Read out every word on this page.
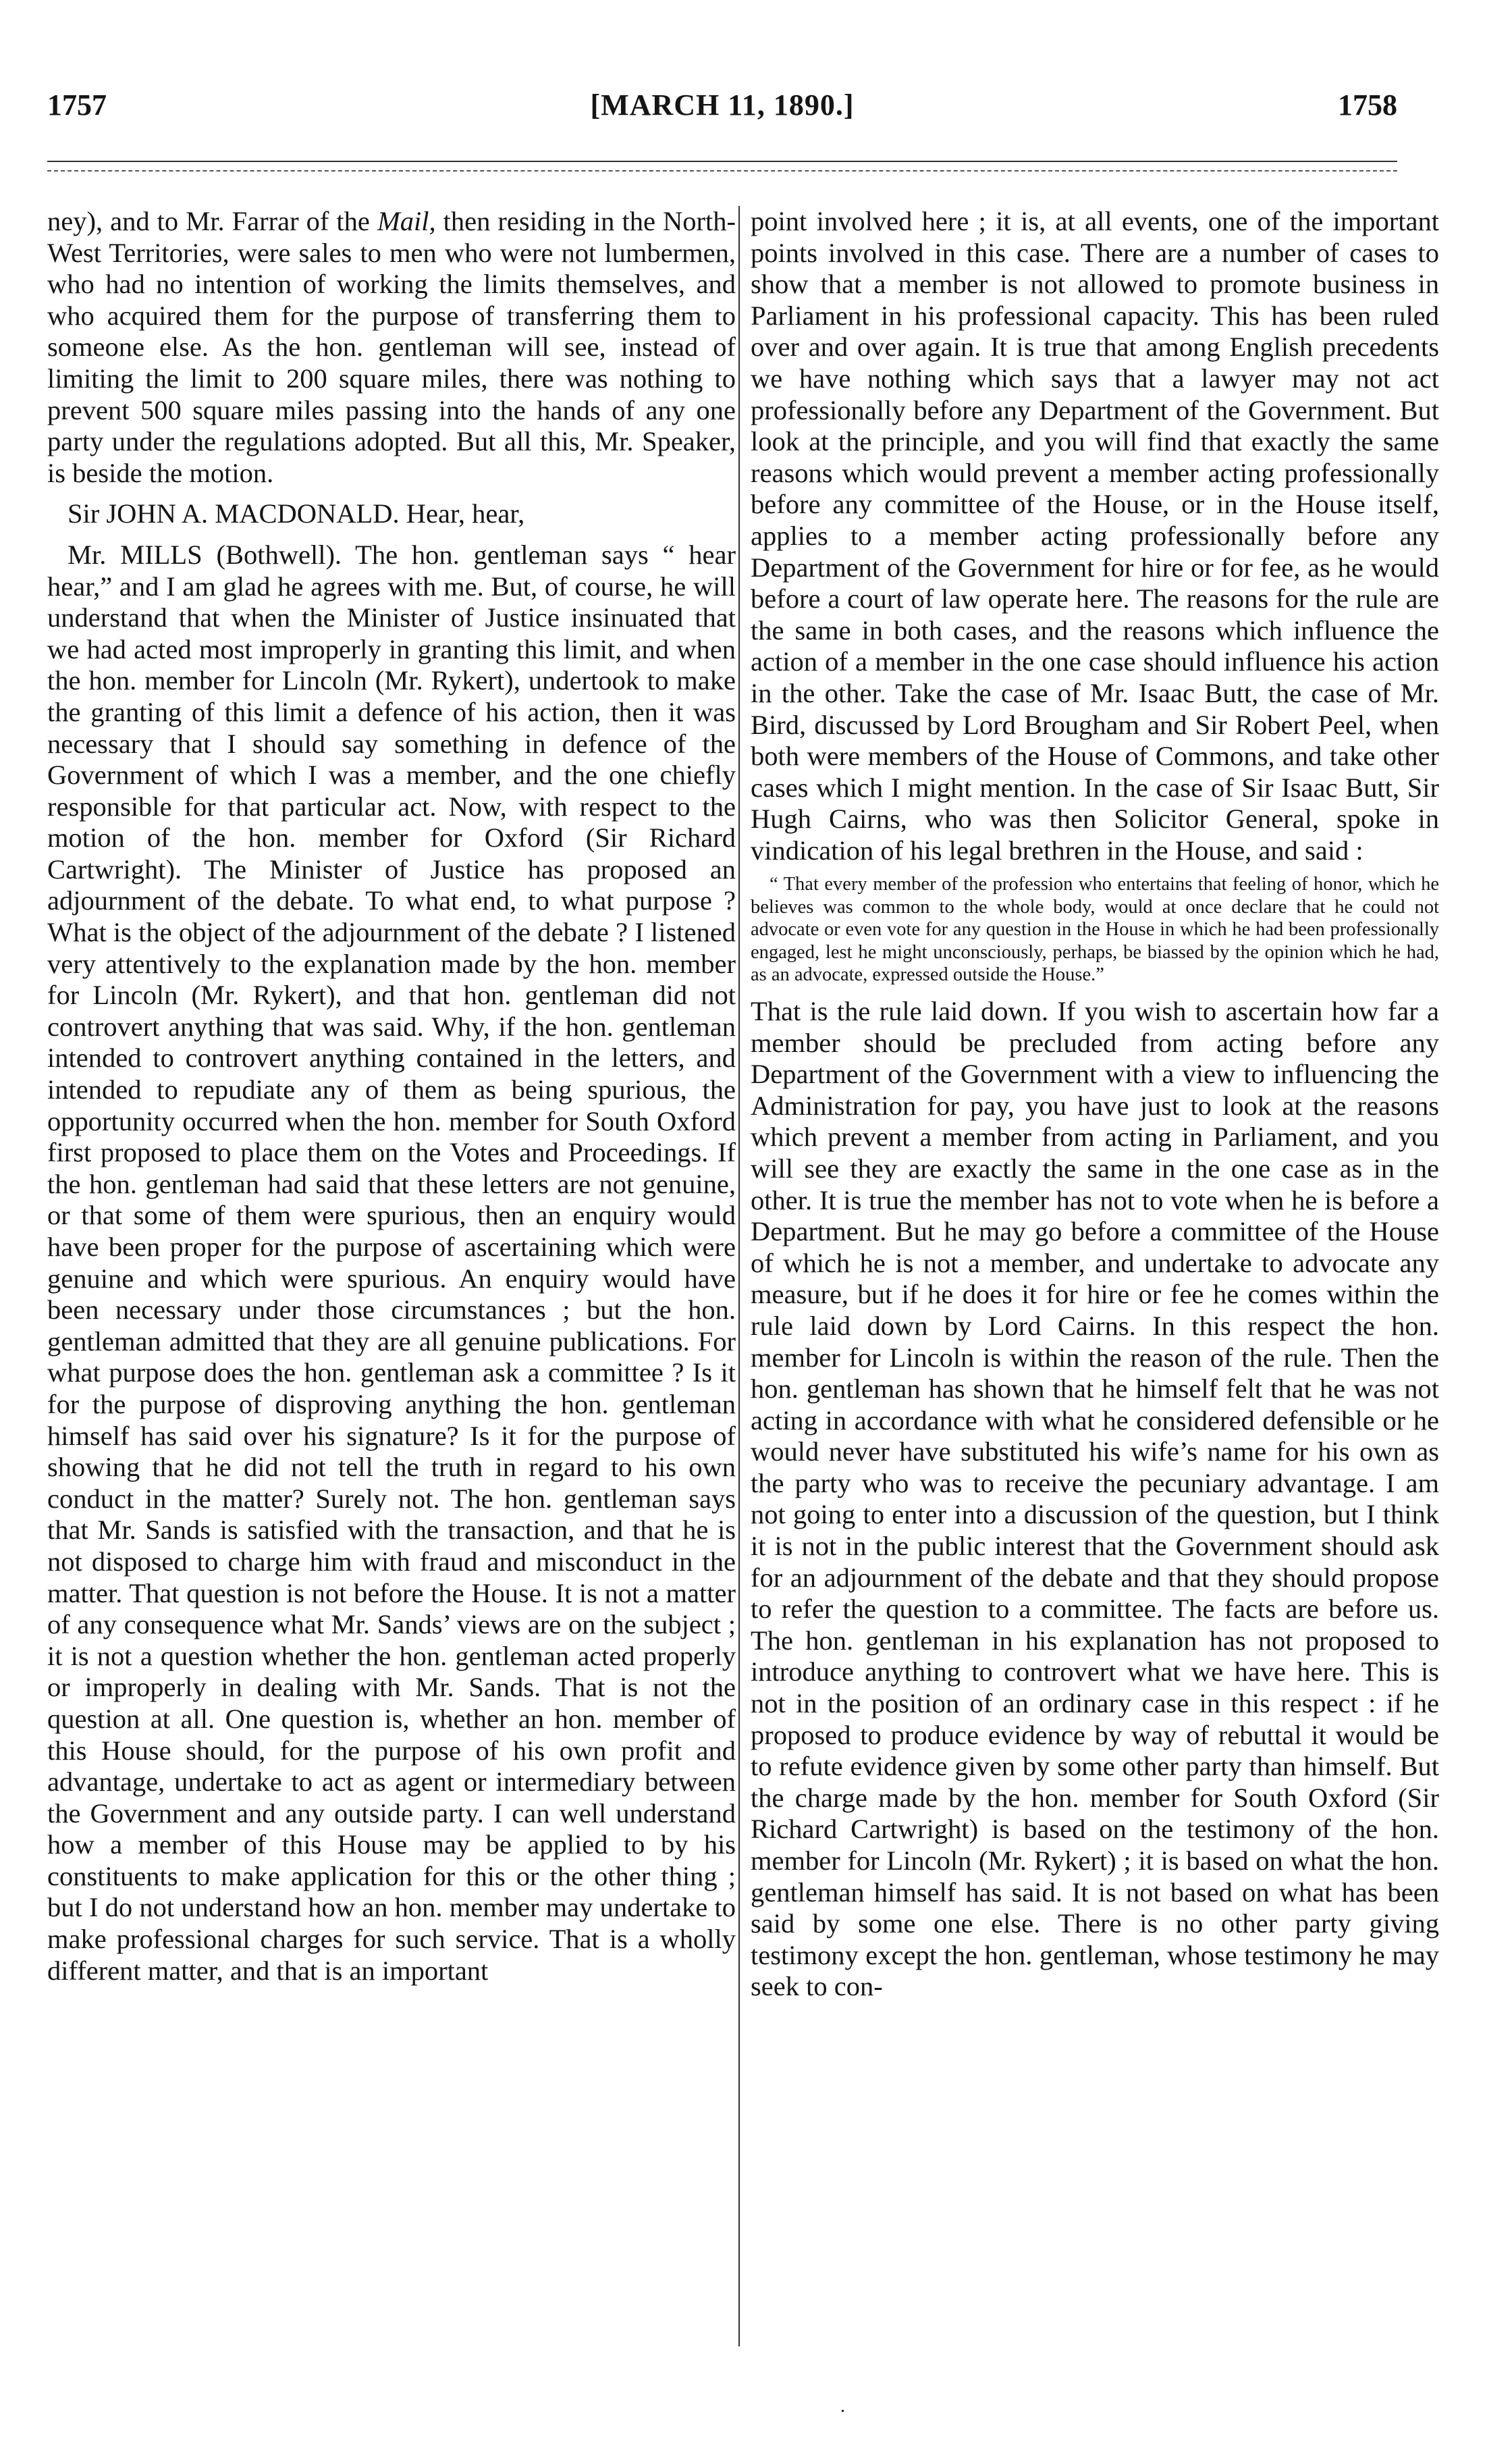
1757	[MARCH 11, 1890.]	1758

ney), and to Mr. Farrar of the Mail, then residing in the North-West Territories, were sales to men who were not lumbermen, who had no intention of working the limits themselves, and who acquired them for the purpose of transferring them to someone else. As the hon. gentleman will see, instead of limiting the limit to 200 square miles, there was nothing to prevent 500 square miles passing into the hands of any one party under the regulations adopted. But all this, Mr. Speaker, is beside the motion.

Sir JOHN A. MACDONALD. Hear, hear,

Mr. MILLS (Bothwell). The hon. gentleman says “ hear hear,” and I am glad he agrees with me. But, of course, he will understand that when the Minister of Justice insinuated that we had acted most improperly in granting this limit, and when the hon. member for Lincoln (Mr. Rykert), undertook to make the granting of this limit a defence of his action, then it was necessary that I should say something in defence of the Government of which I was a member, and the one chiefly responsible for that particular act. Now, with respect to the motion of the hon. member for Oxford (Sir Richard Cartwright). The Minister of Justice has proposed an adjournment of the debate. To what end, to what purpose ? What is the object of the adjournment of the debate ? I listened very attentively to the explanation made by the hon. member for Lincoln (Mr. Rykert), and that hon. gentleman did not controvert anything that was said. Why, if the hon. gentleman intended to controvert anything contained in the letters, and intended to repudiate any of them as being spurious, the opportunity occurred when the hon. member for South Oxford first proposed to place them on the Votes and Proceedings. If the hon. gentleman had said that these letters are not genuine, or that some of them were spurious, then an enquiry would have been proper for the purpose of ascertaining which were genuine and which were spurious. An enquiry would have been necessary under those circumstances ; but the hon. gentleman admitted that they are all genuine publications. For what purpose does the hon. gentleman ask a committee ? Is it for the purpose of disproving anything the hon. gentleman himself has said over his signature? Is it for the purpose of showing that he did not tell the truth in regard to his own conduct in the matter? Surely not. The hon. gentleman says that Mr. Sands is satisfied with the transaction, and that he is not disposed to charge him with fraud and misconduct in the matter. That question is not before the House. It is not a matter of any consequence what Mr. Sands’ views are on the subject ; it is not a question whether the hon. gentleman acted properly or improperly in dealing with Mr. Sands. That is not the question at all. One question is, whether an hon. member of this House should, for the purpose of his own profit and advantage, undertake to act as agent or intermediary between the Government and any outside party. I can well understand how a member of this House may be applied to by his constituents to make application for this or the other thing ; but I do not understand how an hon. member may undertake to make professional charges for such service. That is a wholly different matter, and that is an important

point involved here ; it is, at all events, one of the important points involved in this case. There are a number of cases to show that a member is not allowed to promote business in Parliament in his professional capacity. This has been ruled over and over again. It is true that among English precedents we have nothing which says that a lawyer may not act professionally before any Department of the Government. But look at the principle, and you will find that exactly the same reasons which would prevent a member acting professionally before any committee of the House, or in the House itself, applies to a member acting professionally before any Department of the Government for hire or for fee, as he would before a court of law operate here. The reasons for the rule are the same in both cases, and the reasons which influence the action of a member in the one case should influence his action in the other. Take the case of Mr. Isaac Butt, the case of Mr. Bird, discussed by Lord Brougham and Sir Robert Peel, when both were members of the House of Commons, and take other cases which I might mention. In the case of Sir Isaac Butt, Sir Hugh Cairns, who was then Solicitor General, spoke in vindication of his legal brethren in the House, and said :

“ That every member of the profession who entertains that feeling of honor, which he believes was common to the whole body, would at once declare that he could not advocate or even vote for any question in the House in which he had been professionally engaged, lest he might unconsciously, perhaps, be biassed by the opinion which he had, as an advocate, expressed outside the House.”

That is the rule laid down. If you wish to ascertain how far a member should be precluded from acting before any Department of the Government with a view to influencing the Administration for pay, you have just to look at the reasons which prevent a member from acting in Parliament, and you will see they are exactly the same in the one case as in the other. It is true the member has not to vote when he is before a Department. But he may go before a committee of the House of which he is not a member, and undertake to advocate any measure, but if he does it for hire or fee he comes within the rule laid down by Lord Cairns. In this respect the hon. member for Lincoln is within the reason of the rule. Then the hon. gentleman has shown that he himself felt that he was not acting in accordance with what he considered defensible or he would never have substituted his wife’s name for his own as the party who was to receive the pecuniary advantage. I am not going to enter into a discussion of the question, but I think it is not in the public interest that the Government should ask for an adjournment of the debate and that they should propose to refer the question to a committee. The facts are before us. The hon. gentleman in his explanation has not proposed to introduce anything to controvert what we have here. This is not in the position of an ordinary case in this respect : if he proposed to produce evidence by way of rebuttal it would be to refute evidence given by some other party than himself. But the charge made by the hon. member for South Oxford (Sir Richard Cartwright) is based on the testimony of the hon. member for Lincoln (Mr. Rykert) ; it is based on what the hon. gentleman himself has said. It is not based on what has been said by some one else. There is no other party giving testimony except the hon. gentleman, whose testimony he may seek to con-

.
